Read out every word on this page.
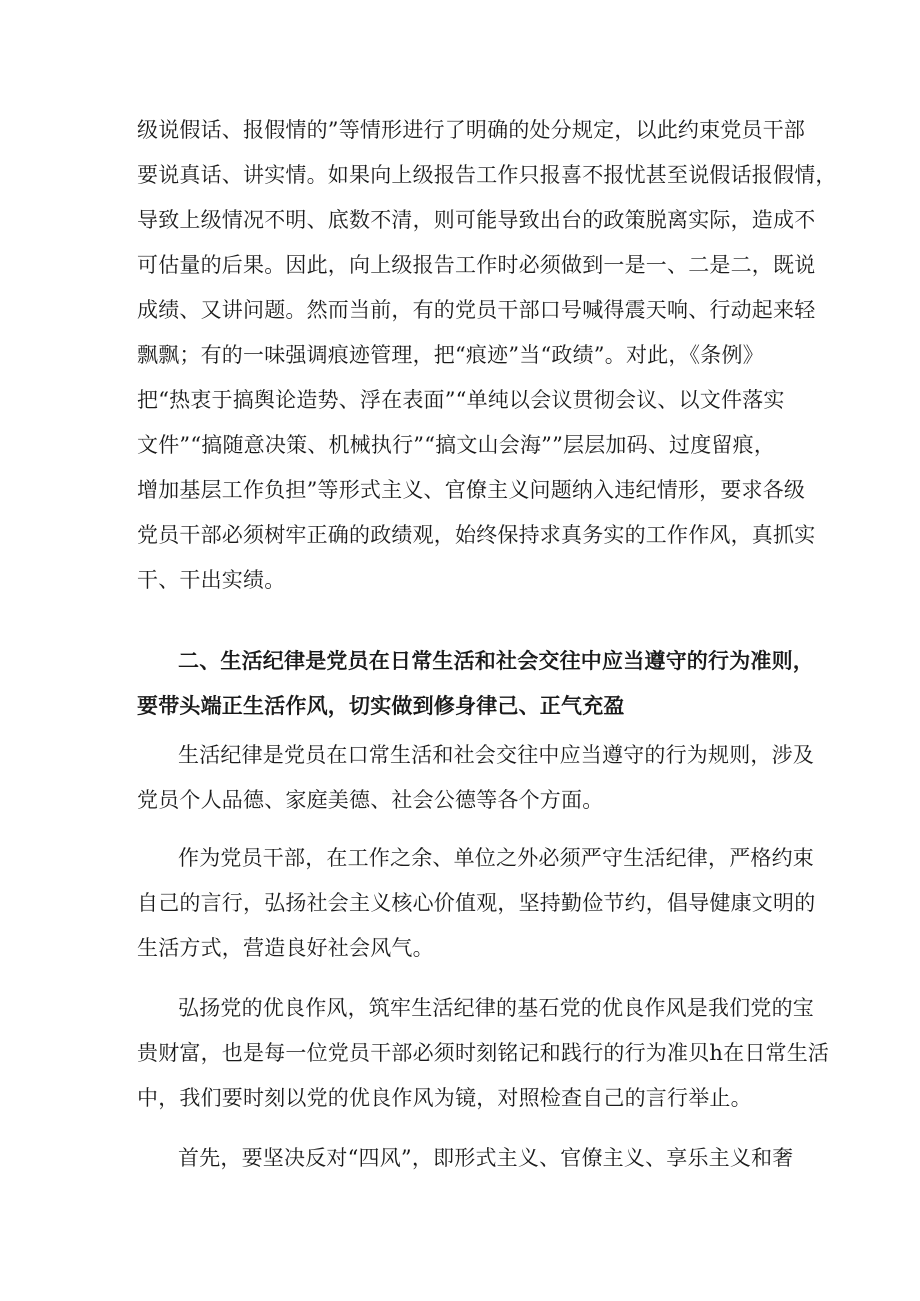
级说假话、报假情的”等情形进行了明确的处分规定，以此约束党员干部
要说真话、讲实情。如果向上级报告工作只报喜不报忧甚至说假话报假情，
导致上级情况不明、底数不清，则可能导致出台的政策脱离实际，造成不
可估量的后果。因此，向上级报告工作时必须做到一是一、二是二，既说
成绩、又讲问题。然而当前，有的党员干部口号喊得震天响、行动起来轻
飘飘；有的一味强调痕迹管理，把“痕迹”当“政绩”。对此，《条例》
把“热衷于搞舆论造势、浮在表面”“单纯以会议贯彻会议、以文件落实
文件”“搞随意决策、机械执行”“搞文山会海””层层加码、过度留痕，
增加基层工作负担”等形式主义、官僚主义问题纳入违纪情形，要求各级
党员干部必须树牢正确的政绩观，始终保持求真务实的工作作风，真抓实
干、干出实绩。
二、生活纪律是党员在日常生活和社会交往中应当遵守的行为准则，
要带头端正生活作风，切实做到修身律己、正气充盈
生活纪律是党员在口常生活和社会交往中应当遵守的行为规则，涉及
党员个人品德、家庭美德、社会公德等各个方面。
作为党员干部，在工作之余、单位之外必须严守生活纪律，严格约束
自己的言行，弘扬社会主义核心价值观，坚持勤俭节约，倡导健康文明的
生活方式，营造良好社会风气。
弘扬党的优良作风，筑牢生活纪律的基石党的优良作风是我们党的宝
贵财富，也是每一位党员干部必须时刻铭记和践行的行为准贝h在日常生活
中，我们要时刻以党的优良作风为镜，对照检查自己的言行举止。
首先，要坚决反对“四风”，即形式主义、官僚主义、享乐主义和奢
